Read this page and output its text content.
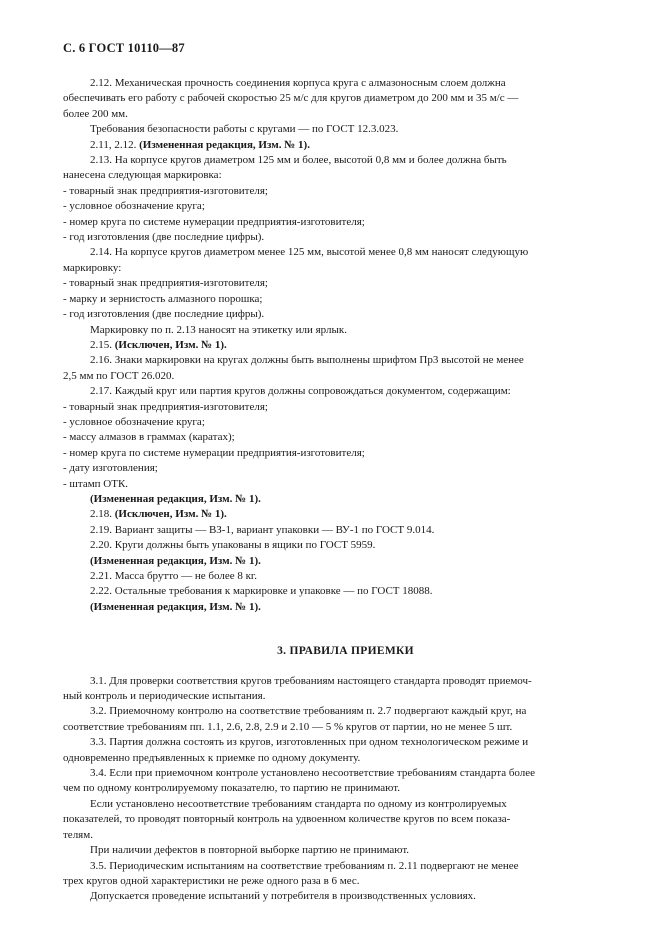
С. 6 ГОСТ 10110—87

2.12. Механическая прочность соединения корпуса круга с алмазоносным слоем должна

обеспечивать его работу с рабочей скоростью 25 м/с для кругов диаметром до 200 мм и 35 м/с —

более 200 мм.

Требования безопасности работы с кругами — по ГОСТ 12.3.023.

2.11, 2.12. (Измененная редакция, Изм. № 1).

2.13. На корпусе кругов диаметром 125 мм и более, высотой 0,8 мм и более должна быть

нанесена следующая маркировка:

- товарный знак предприятия-изготовителя;

- условное обозначение круга;

- номер круга по системе нумерации предприятия-изготовителя;

- год изготовления (две последние цифры).

2.14. На корпусе кругов диаметром менее 125 мм, высотой менее 0,8 мм наносят следующую

маркировку:

- товарный знак предприятия-изготовителя;

- марку и зернистость алмазного порошка;

- год изготовления (две последние цифры).

Маркировку по п. 2.13 наносят на этикетку или ярлык.

2.15. (Исключен, Изм. № 1).

2.16. Знаки маркировки на кругах должны быть выполнены шрифтом Пр3 высотой не менее

2,5 мм по ГОСТ 26.020.

2.17. Каждый круг или партия кругов должны сопровождаться документом, содержащим:

- товарный знак предприятия-изготовителя;

- условное обозначение круга;

- массу алмазов в граммах (каратах);

- номер круга по системе нумерации предприятия-изготовителя;

- дату изготовления;

- штамп ОТК.

(Измененная редакция, Изм. № 1).

2.18. (Исключен, Изм. № 1).

2.19. Вариант защиты — ВЗ-1, вариант упаковки — ВУ-1 по ГОСТ 9.014.

2.20. Круги должны быть упакованы в ящики по ГОСТ 5959.

(Измененная редакция, Изм. № 1).

2.21. Масса брутто — не более 8 кг.

2.22. Остальные требования к маркировке и упаковке — по ГОСТ 18088.

(Измененная редакция, Изм. № 1).

3. ПРАВИЛА ПРИЕМКИ

3.1. Для проверки соответствия кругов требованиям настоящего стандарта проводят приемоч-

ный контроль и периодические испытания.

3.2. Приемочному контролю на соответствие требованиям п. 2.7 подвергают каждый круг, на

соответствие требованиям пп. 1.1, 2.6, 2.8, 2.9 и 2.10 — 5 % кругов от партии, но не менее 5 шт.

3.3. Партия должна состоять из кругов, изготовленных при одном технологическом режиме и

одновременно предъявленных к приемке по одному документу.

3.4. Если при приемочном контроле установлено несоответствие требованиям стандарта более

чем по одному контролируемому показателю, то партию не принимают.

Если установлено несоответствие требованиям стандарта по одному из контролируемых

показателей, то проводят повторный контроль на удвоенном количестве кругов по всем показа-

телям.

При наличии дефектов в повторной выборке партию не принимают.

3.5. Периодическим испытаниям на соответствие требованиям п. 2.11 подвергают не менее

трех кругов одной характеристики не реже одного раза в 6 мес.

Допускается проведение испытаний у потребителя в производственных условиях.
